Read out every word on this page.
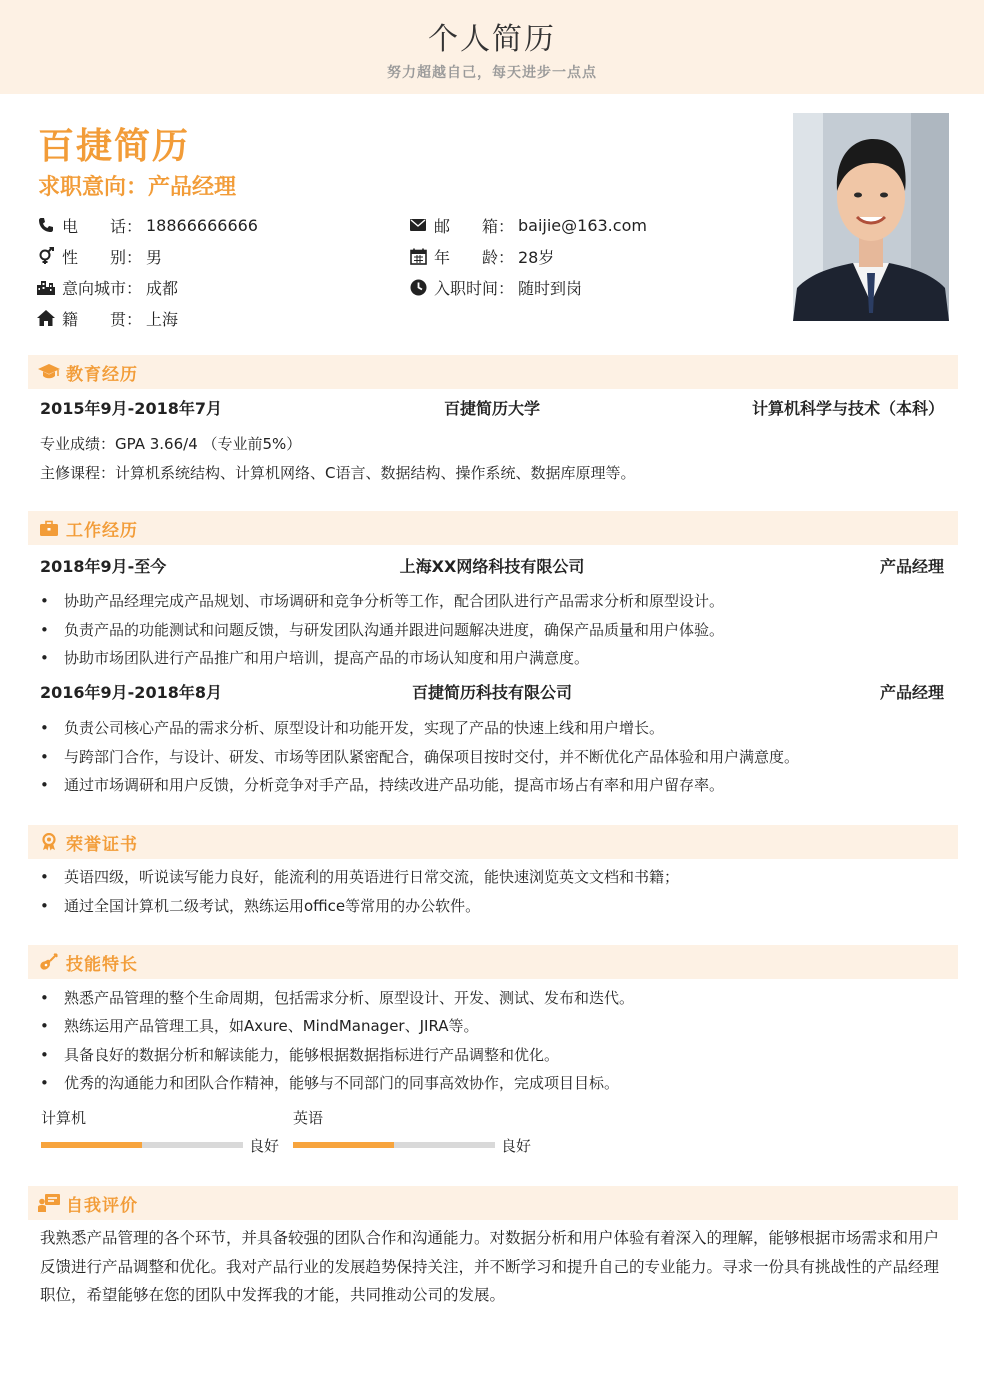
个人简历
努力超越自己，每天进步一点点
百捷简历
求职意向：产品经理
电　　话： 18866666666	邮　　箱： baijie@163.com
性　　别： 男	年　　龄： 28岁
意向城市： 成都	入职时间： 随时到岗
籍　　贯： 上海
教育经历
2015年9月-2018年7月	百捷简历大学	计算机科学与技术（本科）
专业成绩：GPA 3.66/4 （专业前5%）
主修课程：计算机系统结构、计算机网络、C语言、数据结构、操作系统、数据库原理等。
工作经历
2018年9月-至今	上海XX网络科技有限公司	产品经理
• 协助产品经理完成产品规划、市场调研和竞争分析等工作，配合团队进行产品需求分析和原型设计。
• 负责产品的功能测试和问题反馈，与研发团队沟通并跟进问题解决进度，确保产品质量和用户体验。
• 协助市场团队进行产品推广和用户培训，提高产品的市场认知度和用户满意度。
2016年9月-2018年8月	百捷简历科技有限公司	产品经理
• 负责公司核心产品的需求分析、原型设计和功能开发，实现了产品的快速上线和用户增长。
• 与跨部门合作，与设计、研发、市场等团队紧密配合，确保项目按时交付，并不断优化产品体验和用户满意度。
• 通过市场调研和用户反馈，分析竞争对手产品，持续改进产品功能，提高市场占有率和用户留存率。
荣誉证书
• 英语四级，听说读写能力良好，能流利的用英语进行日常交流，能快速浏览英文文档和书籍；
• 通过全国计算机二级考试，熟练运用office等常用的办公软件。
技能特长
• 熟悉产品管理的整个生命周期，包括需求分析、原型设计、开发、测试、发布和迭代。
• 熟练运用产品管理工具，如Axure、MindManager、JIRA等。
• 具备良好的数据分析和解读能力，能够根据数据指标进行产品调整和优化。
• 优秀的沟通能力和团队合作精神，能够与不同部门的同事高效协作，完成项目目标。
计算机
良好
英语
良好
自我评价
我熟悉产品管理的各个环节，并具备较强的团队合作和沟通能力。对数据分析和用户体验有着深入的理解，能够根据市场需求和用户反馈进行产品调整和优化。我对产品行业的发展趋势保持关注，并不断学习和提升自己的专业能力。寻求一份具有挑战性的产品经理职位，希望能够在您的团队中发挥我的才能，共同推动公司的发展。
